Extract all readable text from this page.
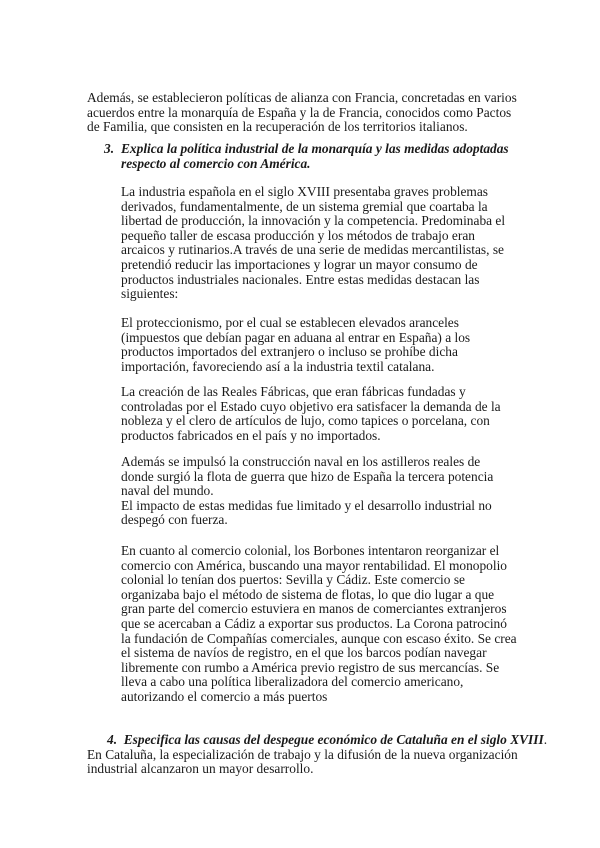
Además, se establecieron políticas de alianza con Francia, concretadas en varios
acuerdos entre la monarquía de España y la de Francia, conocidos como Pactos
de Familia, que consisten en la recuperación de los territorios italianos.
3. Explica la política industrial de la monarquía y las medidas adoptadas
respecto al comercio con América.
La industria española en el siglo XVIII presentaba graves problemas
derivados, fundamentalmente, de un sistema gremial que coartaba la
libertad de producción, la innovación y la competencia. Predominaba el
pequeño taller de escasa producción y los métodos de trabajo eran
arcaicos y rutinarios.A través de una serie de medidas mercantilistas, se
pretendió reducir las importaciones y lograr un mayor consumo de
productos industriales nacionales. Entre estas medidas destacan las
siguientes:
El proteccionismo, por el cual se establecen elevados aranceles
(impuestos que debían pagar en aduana al entrar en España) a los
productos importados del extranjero o incluso se prohíbe dicha
importación, favoreciendo así a la industria textil catalana.
La creación de las Reales Fábricas, que eran fábricas fundadas y
controladas por el Estado cuyo objetivo era satisfacer la demanda de la
nobleza y el clero de artículos de lujo, como tapices o porcelana, con
productos fabricados en el país y no importados.
Además se impulsó la construcción naval en los astilleros reales de
donde surgió la flota de guerra que hizo de España la tercera potencia
naval del mundo.
El impacto de estas medidas fue limitado y el desarrollo industrial no
despegó con fuerza.
En cuanto al comercio colonial, los Borbones intentaron reorganizar el
comercio con América, buscando una mayor rentabilidad. El monopolio
colonial lo tenían dos puertos: Sevilla y Cádiz. Este comercio se
organizaba bajo el método de sistema de flotas, lo que dio lugar a que
gran parte del comercio estuviera en manos de comerciantes extranjeros
que se acercaban a Cádiz a exportar sus productos. La Corona patrocinó
la fundación de Compañías comerciales, aunque con escaso éxito. Se crea
el sistema de navíos de registro, en el que los barcos podían navegar
libremente con rumbo a América previo registro de sus mercancías. Se
lleva a cabo una política liberalizadora del comercio americano,
autorizando el comercio a más puertos
4. Especifica las causas del despegue económico de Cataluña en el siglo XVIII.
En Cataluña, la especialización de trabajo y la difusión de la nueva organización
industrial alcanzaron un mayor desarrollo.
